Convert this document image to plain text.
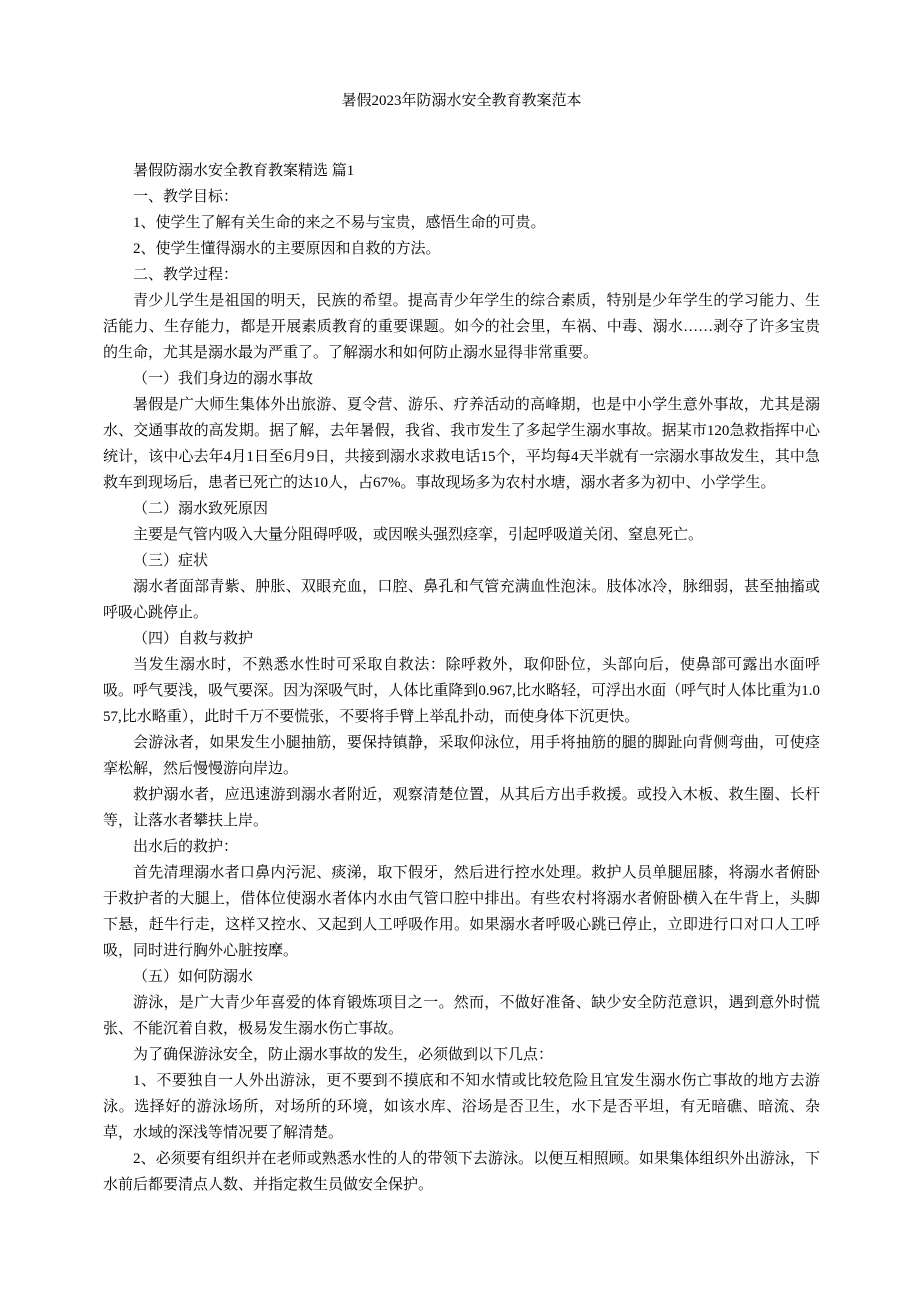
暑假2023年防溺水安全教育教案范本

暑假防溺水安全教育教案精选 篇1

一、教学目标：

1、使学生了解有关生命的来之不易与宝贵，感悟生命的可贵。

2、使学生懂得溺水的主要原因和自救的方法。

二、教学过程：

青少儿学生是祖国的明天，民族的希望。提高青少年学生的综合素质，特别是少年学生的学习能力、生活能力、生存能力，都是开展素质教育的重要课题。如今的社会里，车祸、中毒、溺水……剥夺了许多宝贵的生命，尤其是溺水最为严重了。了解溺水和如何防止溺水显得非常重要。

（一）我们身边的溺水事故

暑假是广大师生集体外出旅游、夏令营、游乐、疗养活动的高峰期，也是中小学生意外事故，尤其是溺水、交通事故的高发期。据了解，去年暑假，我省、我市发生了多起学生溺水事故。据某市120急救指挥中心统计，该中心去年4月1日至6月9日，共接到溺水求救电话15个，平均每4天半就有一宗溺水事故发生，其中急救车到现场后，患者已死亡的达10人，占67%。事故现场多为农村水塘，溺水者多为初中、小学学生。

（二）溺水致死原因

主要是气管内吸入大量分阻碍呼吸，或因喉头强烈痉挛，引起呼吸道关闭、窒息死亡。

（三）症状

溺水者面部青紫、肿胀、双眼充血，口腔、鼻孔和气管充满血性泡沫。肢体冰冷，脉细弱，甚至抽搐或呼吸心跳停止。

（四）自救与救护

当发生溺水时，不熟悉水性时可采取自救法：除呼救外，取仰卧位，头部向后，使鼻部可露出水面呼吸。呼气要浅，吸气要深。因为深吸气时，人体比重降到0.967,比水略轻，可浮出水面（呼气时人体比重为1.057,比水略重），此时千万不要慌张，不要将手臂上举乱扑动，而使身体下沉更快。

会游泳者，如果发生小腿抽筋，要保持镇静，采取仰泳位，用手将抽筋的腿的脚趾向背侧弯曲，可使痉挛松解，然后慢慢游向岸边。

救护溺水者，应迅速游到溺水者附近，观察清楚位置，从其后方出手救援。或投入木板、救生圈、长杆等，让落水者攀扶上岸。

出水后的救护：

首先清理溺水者口鼻内污泥、痰涕，取下假牙，然后进行控水处理。救护人员单腿屈膝，将溺水者俯卧于救护者的大腿上，借体位使溺水者体内水由气管口腔中排出。有些农村将溺水者俯卧横入在牛背上，头脚下悬，赶牛行走，这样又控水、又起到人工呼吸作用。如果溺水者呼吸心跳已停止，立即进行口对口人工呼吸，同时进行胸外心脏按摩。

（五）如何防溺水

游泳，是广大青少年喜爱的体育锻炼项目之一。然而，不做好准备、缺少安全防范意识，遇到意外时慌张、不能沉着自救，极易发生溺水伤亡事故。

为了确保游泳安全，防止溺水事故的发生，必须做到以下几点：

1、不要独自一人外出游泳，更不要到不摸底和不知水情或比较危险且宜发生溺水伤亡事故的地方去游泳。选择好的游泳场所，对场所的环境，如该水库、浴场是否卫生，水下是否平坦，有无暗礁、暗流、杂草，水域的深浅等情况要了解清楚。

2、必须要有组织并在老师或熟悉水性的人的带领下去游泳。以便互相照顾。如果集体组织外出游泳，下水前后都要清点人数、并指定救生员做安全保护。
